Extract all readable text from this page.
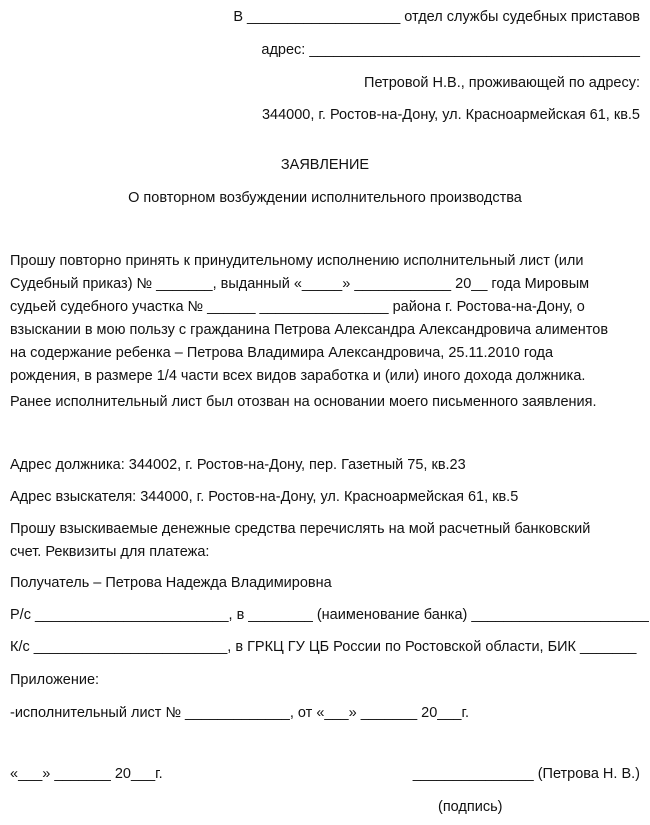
В ___________________ отдел службы судебных приставов
адрес: _________________________________________
Петровой Н.В., проживающей по адресу:
344000, г. Ростов-на-Дону, ул. Красноармейская 61, кв.5
ЗАЯВЛЕНИЕ
О повторном возбуждении исполнительного производства
Прошу повторно принять к принудительному исполнению исполнительный лист (или
Судебный приказ) № _______, выданный «_____» ____________ 20__ года Мировым
судьей судебного участка № ______ ________________ района г. Ростова-на-Дону, о
взыскании в мою пользу с гражданина Петрова Александра Александровича алиментов
на содержание ребенка – Петрова Владимира Александровича, 25.11.2010 года
рождения, в размере 1/4 части всех видов заработка и (или) иного дохода должника.
Ранее исполнительный лист был отозван на основании моего письменного заявления.
Адрес должника: 344002, г. Ростов-на-Дону, пер. Газетный 75, кв.23
Адрес взыскателя: 344000, г. Ростов-на-Дону, ул. Красноармейская 61, кв.5
Прошу взыскиваемые денежные средства перечислять на мой расчетный банковский
счет. Реквизиты для платежа:
Получатель – Петрова Надежда Владимировна
Р/с ________________________, в ________ (наименование банка) ______________________
К/с ________________________, в ГРКЦ ГУ ЦБ России по Ростовской области, БИК _______
Приложение:
-исполнительный лист № _____________, от «___» _______ 20___г.
«___» _______ 20___г.	_______________ (Петрова Н. В.)
(подпись)
